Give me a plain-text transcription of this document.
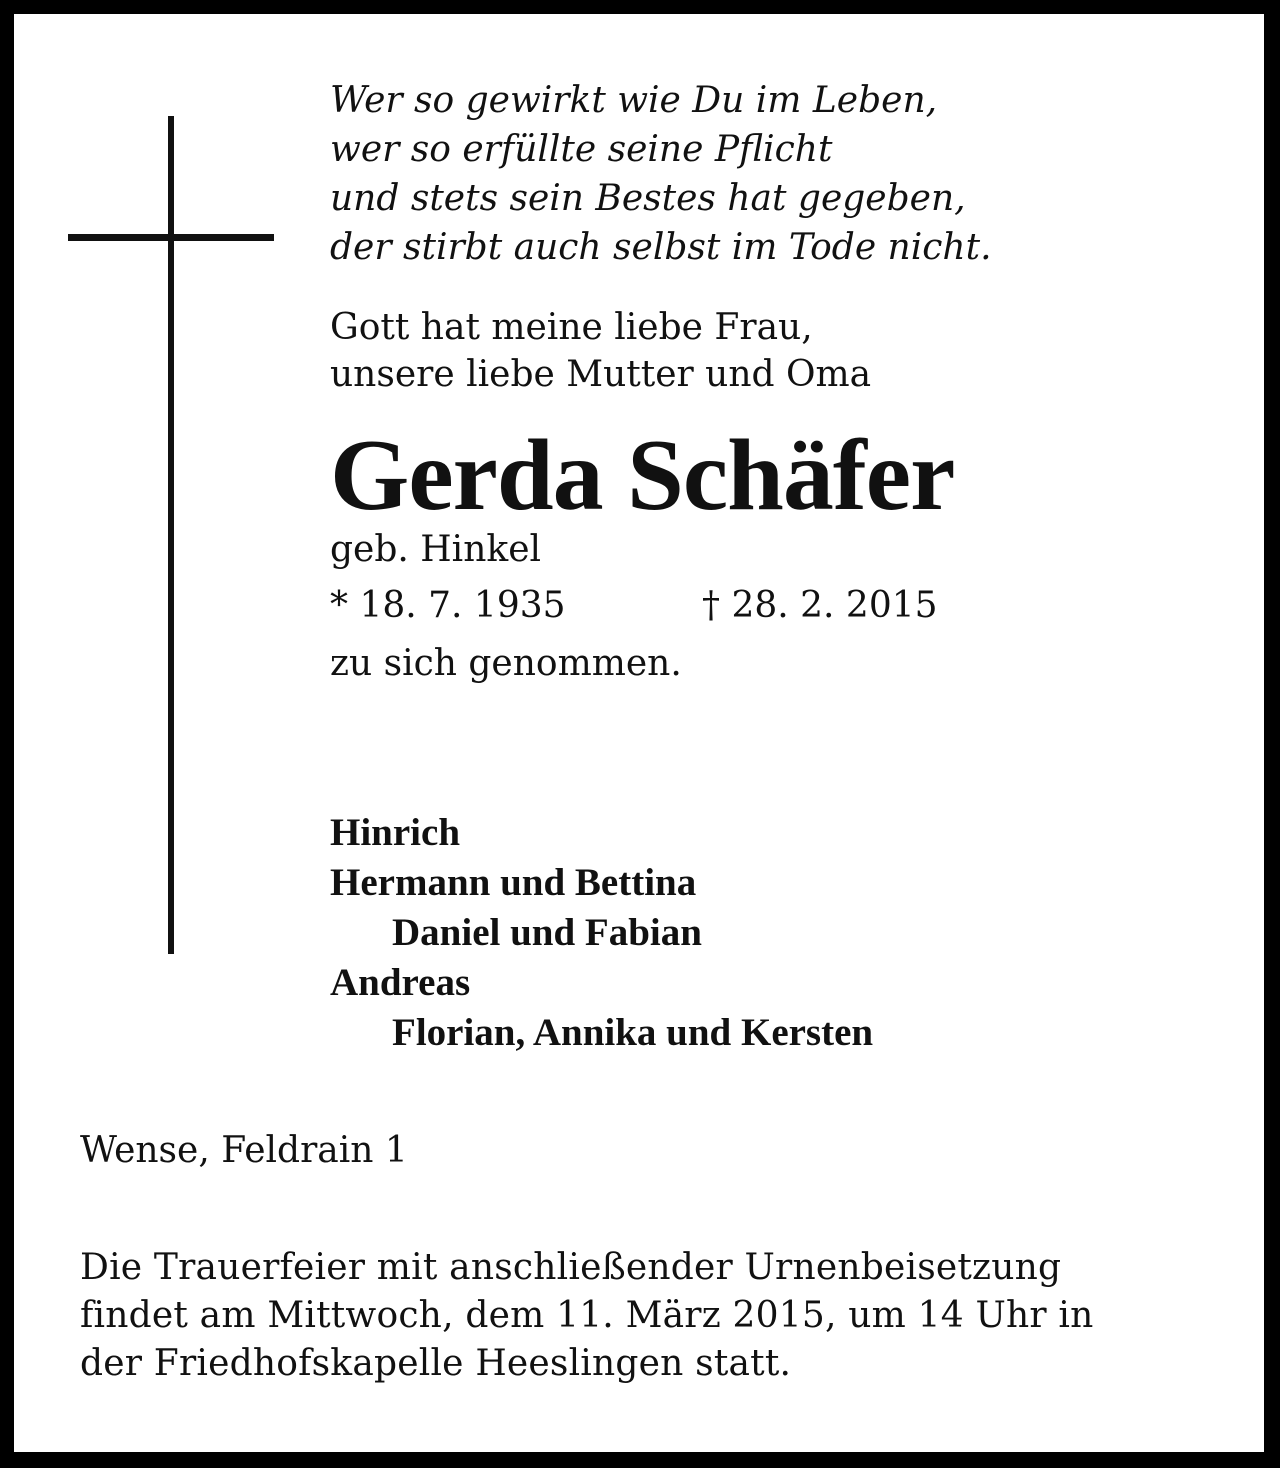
Wer so gewirkt wie Du im Leben,
wer so erfüllte seine Pflicht
und stets sein Bestes hat gegeben,
der stirbt auch selbst im Tode nicht.
Gott hat meine liebe Frau,
unsere liebe Mutter und Oma
Gerda Schäfer
geb. Hinkel
* 18. 7. 1935	† 28. 2. 2015
zu sich genommen.
Hinrich
Hermann und Bettina
Daniel und Fabian
Andreas
Florian, Annika und Kersten
Wense, Feldrain 1
Die Trauerfeier mit anschließender Urnenbeisetzung
findet am Mittwoch, dem 11. März 2015, um 14 Uhr in
der Friedhofskapelle Heeslingen statt.
